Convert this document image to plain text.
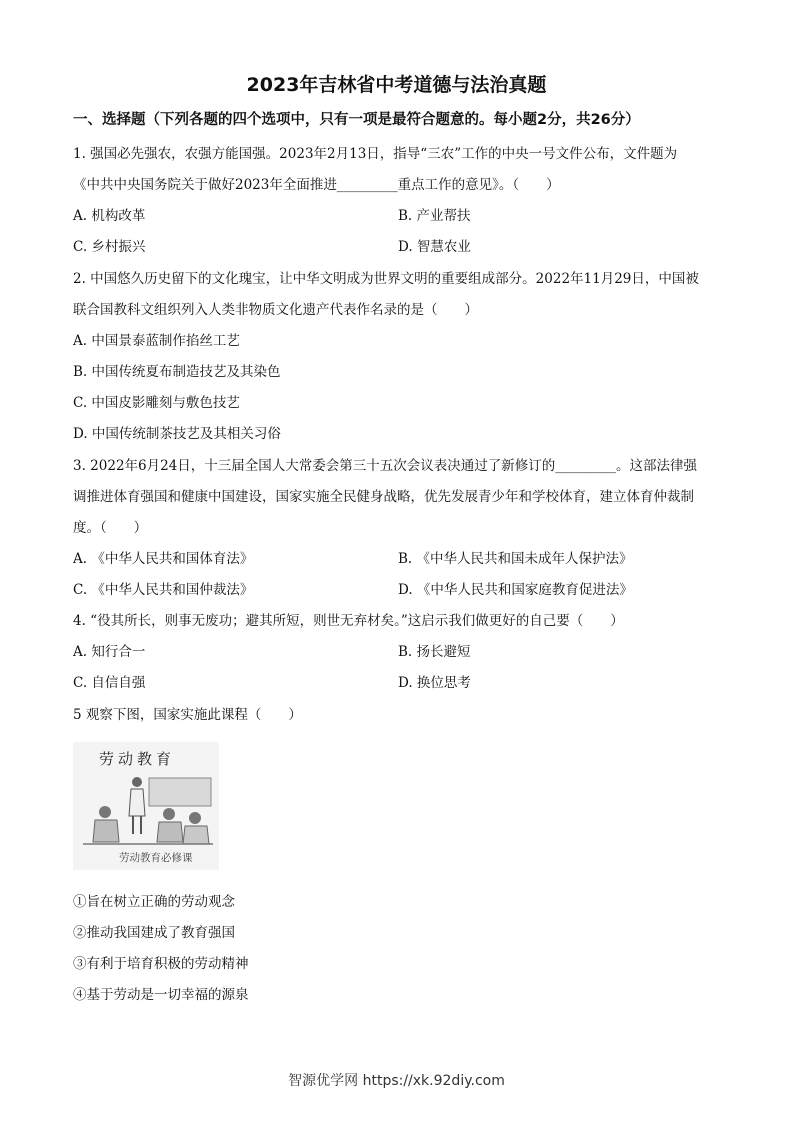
2023年吉林省中考道德与法治真题
一、选择题（下列各题的四个选项中，只有一项是最符合题意的。每小题2分，共26分）
1. 强国必先强农，农强方能国强。2023年2月13日，指导“三农”工作的中央一号文件公布，文件题为
《中共中央国务院关于做好2023年全面推进_________重点工作的意见》。（　　）
A. 机构改革	B. 产业帮扶
C. 乡村振兴	D. 智慧农业
2. 中国悠久历史留下的文化瑰宝，让中华文明成为世界文明的重要组成部分。2022年11月29日，中国被
联合国教科文组织列入人类非物质文化遗产代表作名录的是（　　）
A. 中国景泰蓝制作掐丝工艺
B. 中国传统夏布制造技艺及其染色
C. 中国皮影雕刻与敷色技艺
D. 中国传统制茶技艺及其相关习俗
3. 2022年6月24日，十三届全国人大常委会第三十五次会议表决通过了新修订的_________。这部法律强
调推进体育强国和健康中国建设，国家实施全民健身战略，优先发展青少年和学校体育，建立体育仲裁制
度。（　　）
A. 《中华人民共和国体育法》	B. 《中华人民共和国未成年人保护法》
C. 《中华人民共和国仲裁法》	D. 《中华人民共和国家庭教育促进法》
4. “役其所长，则事无废功；避其所短，则世无弃材矣。”这启示我们做更好的自己要（　　）
A. 知行合一	B. 扬长避短
C. 自信自强	D. 换位思考
5 观察下图，国家实施此课程（　　）
劳动教育
劳动教育必修课
①旨在树立正确的劳动观念
②推动我国建成了教育强国
③有利于培育积极的劳动精神
④基于劳动是一切幸福的源泉
智源优学网 https://xk.92diy.com
